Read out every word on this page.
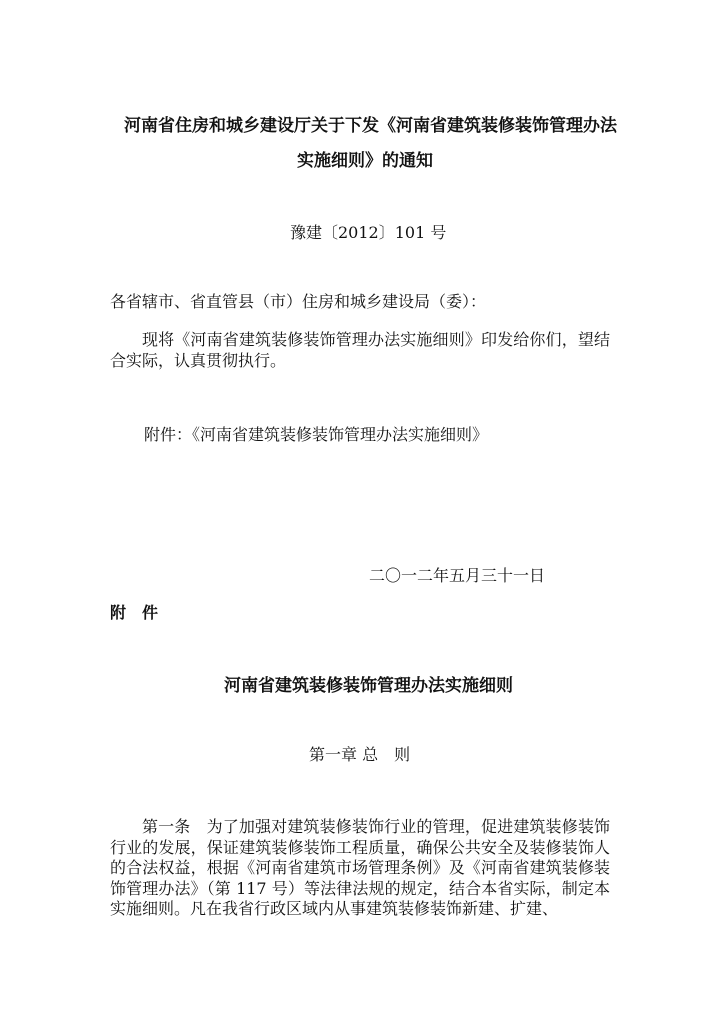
河南省住房和城乡建设厅关于下发《河南省建筑装修装饰管理办法
实施细则》的通知
豫建〔2012〕101 号
各省辖市、省直管县（市）住房和城乡建设局（委）：
现将《河南省建筑装修装饰管理办法实施细则》印发给你们，望结合实际，认真贯彻执行。
附件：《河南省建筑装修装饰管理办法实施细则》
二〇一二年五月三十一日
附　件
河南省建筑装修装饰管理办法实施细则
第一章 总　则
第一条　为了加强对建筑装修装饰行业的管理，促进建筑装修装饰行业的发展，保证建筑装修装饰工程质量，确保公共安全及装修装饰人的合法权益，根据《河南省建筑市场管理条例》及《河南省建筑装修装饰管理办法》（第 117 号）等法律法规的规定，结合本省实际，制定本实施细则。凡在我省行政区域内从事建筑装修装饰新建、扩建、
